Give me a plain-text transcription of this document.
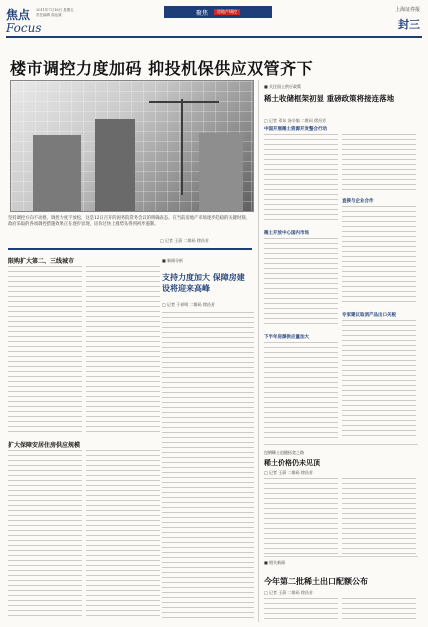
焦点 2011年7月16日 星期五
责任编辑 曲运斌
Focus
聚焦	房地产调控	上海证券报
封三
楼市调控力度加码 抑投机保供应双管齐下
坚持调控方向不动摇、调控力度不放松，这是12日召开的国务院常务会议的明确表态。在当前房地产市场逐步趋稳的关键时刻，政府采取的各项调控措施效果正在逐步显现，房价过快上涨势头得到初步遏制。
□ 记者 王蔚 二维码 徐昌芳
限购扩大第二、三线城市
扩大保障安居住房供应规模
■ 新闻分析
支持力度加大 保障房建设将迎来高峰
□ 记者 于祥明 二维码 徐昌芳
■ 关注国土供应政策
稀土收储框架初显 重磅政策将接连落地
□ 记者 邓东 汤辛愉 二维码 徐昌芳
中国开展稀土资源开发整合行动
稀土开放中心国内市场
下半年房源供应量加大
直接与企业合作
专家建议取消产品出口关税
包钢稀土追随拓宽之路
稀土价格仍未见顶
□ 记者 王蔚 二维码 徐昌芳
■ 相关新闻
今年第二批稀土出口配额公布
□ 记者 王蔚 二维码 徐昌芳
